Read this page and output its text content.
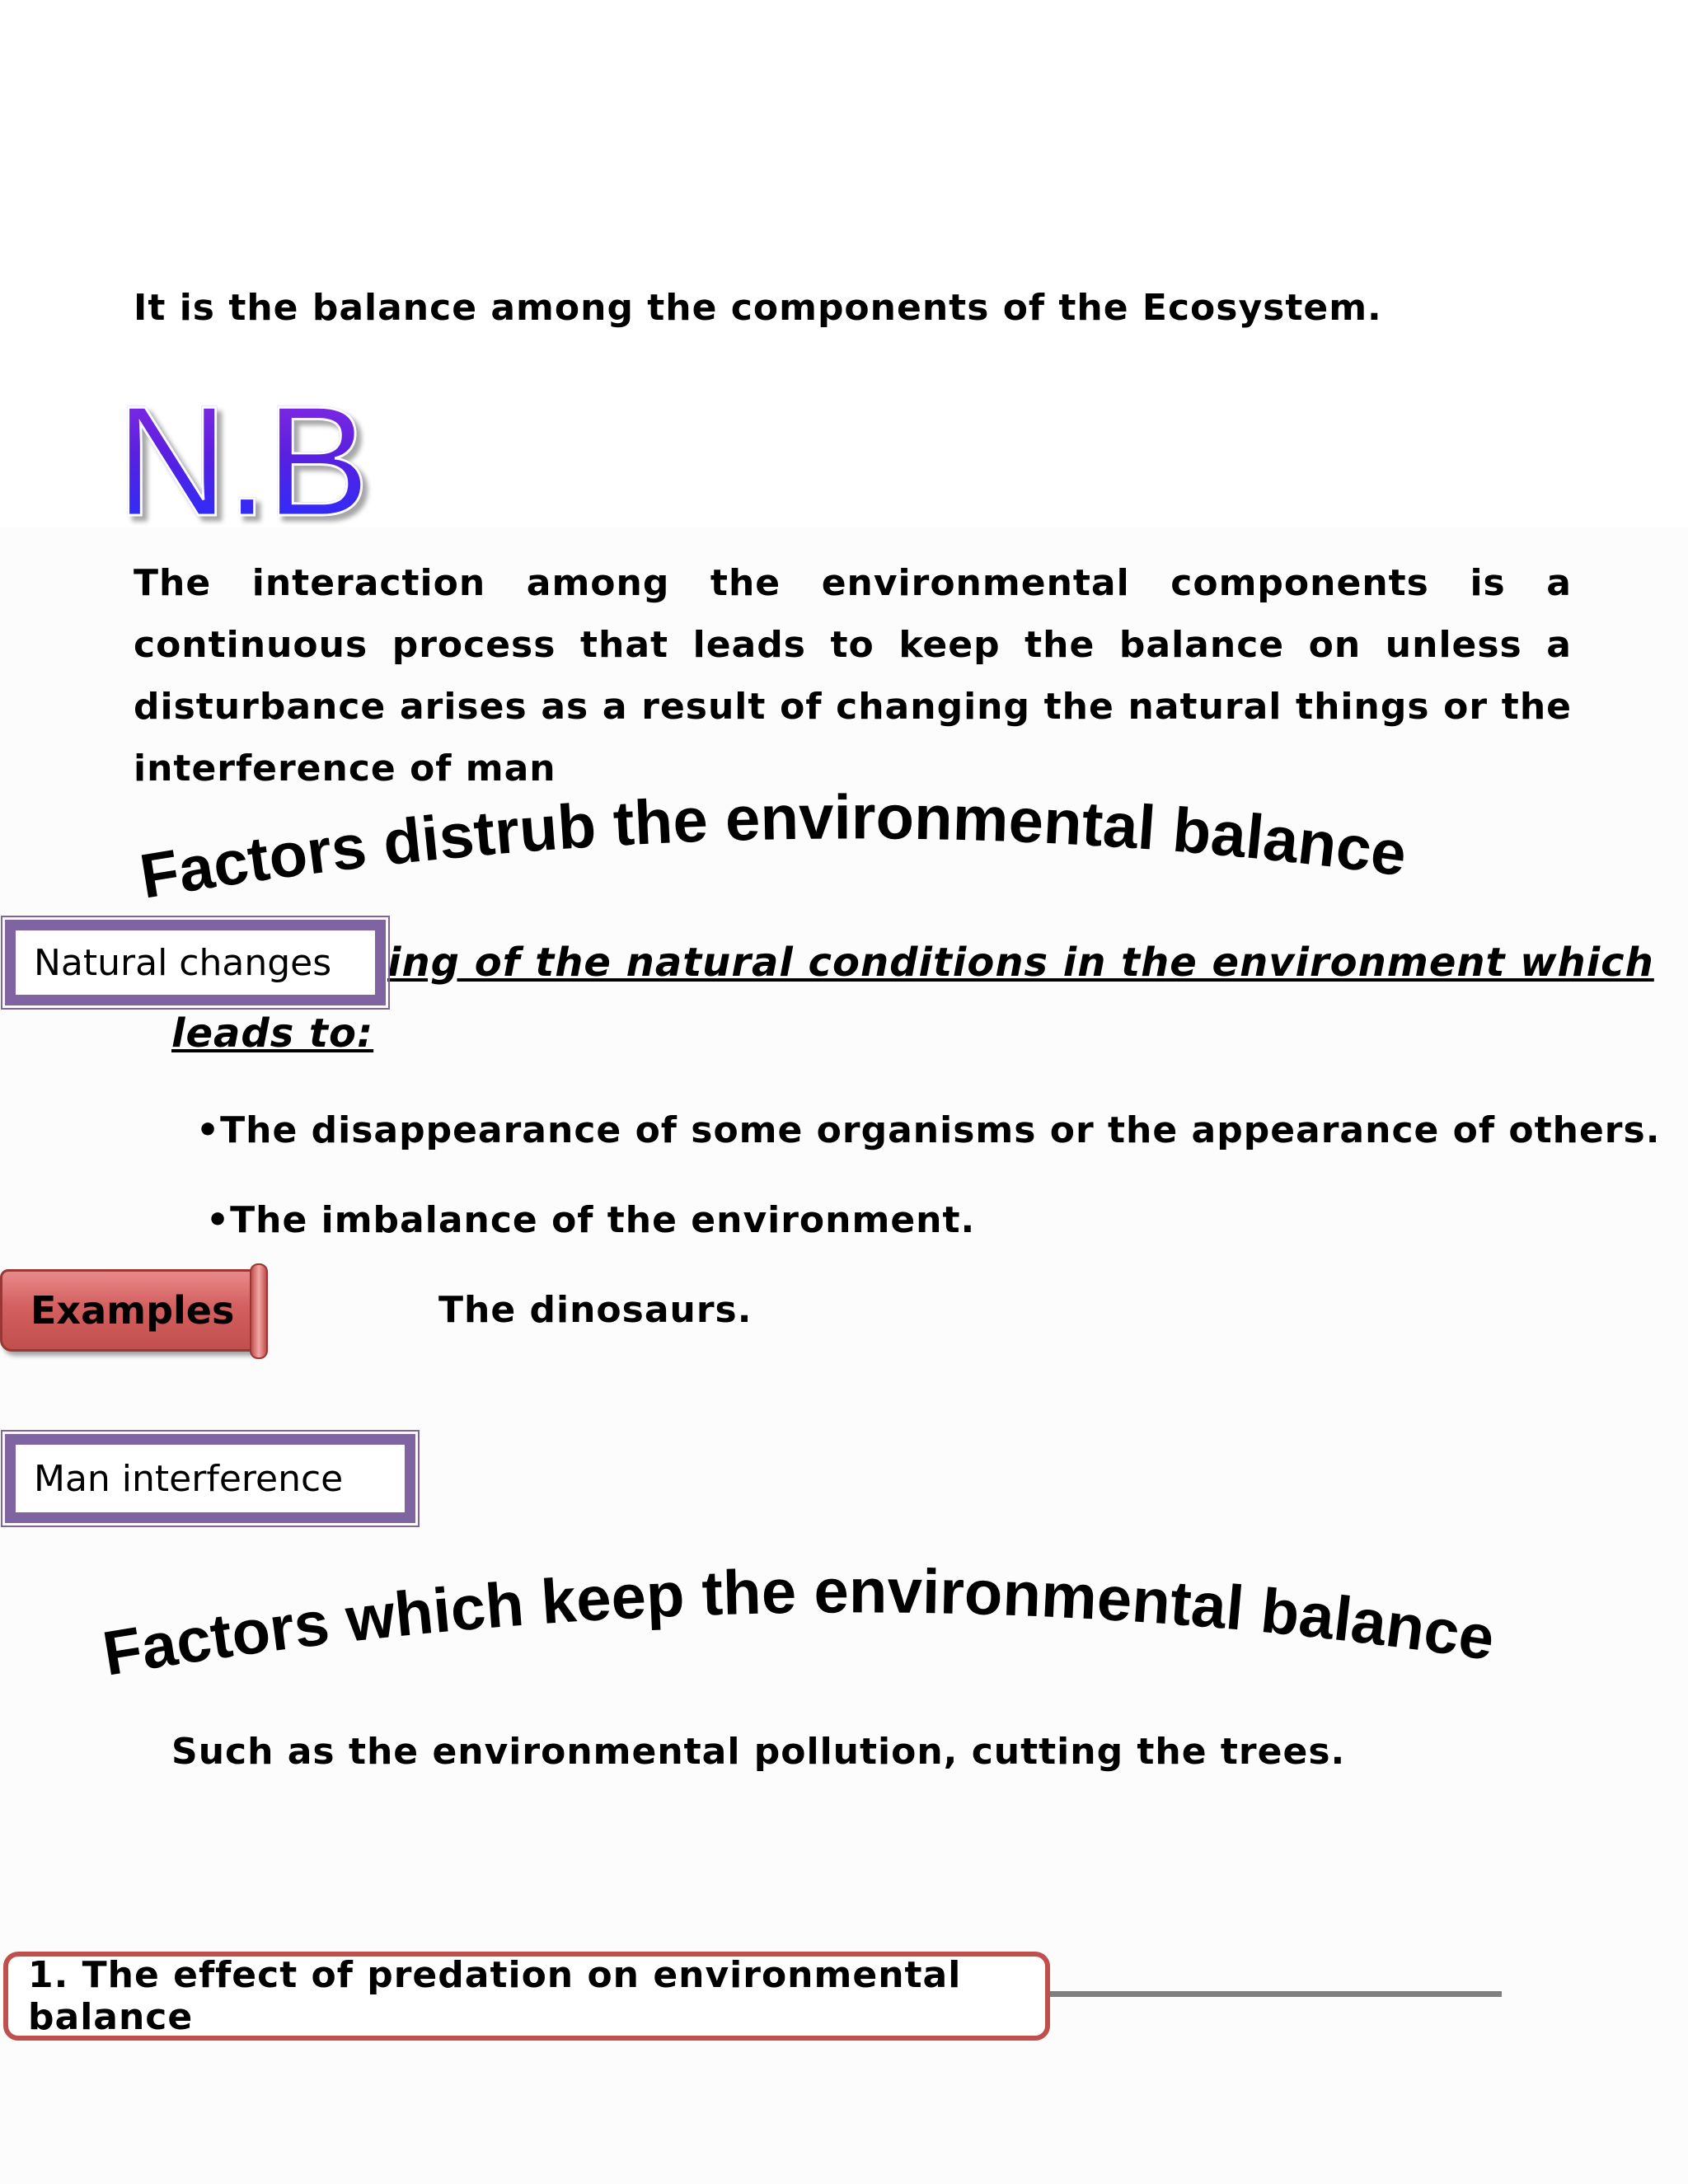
It is the balance among the components of the Ecosystem.
N.B
The interaction among the environmental components is a continuous process that leads to keep the balance on unless a disturbance arises as a result of changing the natural things or the interference of man
Factors distrub the environmental balance
ing of the natural conditions in the environment which
leads to:
Natural changes
•The disappearance of some organisms or the appearance of others.
•The imbalance of the environment.
Examples	The dinosaurs.
Man interference
Factors which keep the environmental balance
Such as the environmental pollution, cutting the trees.
1. The effect of predation on environmental balance
